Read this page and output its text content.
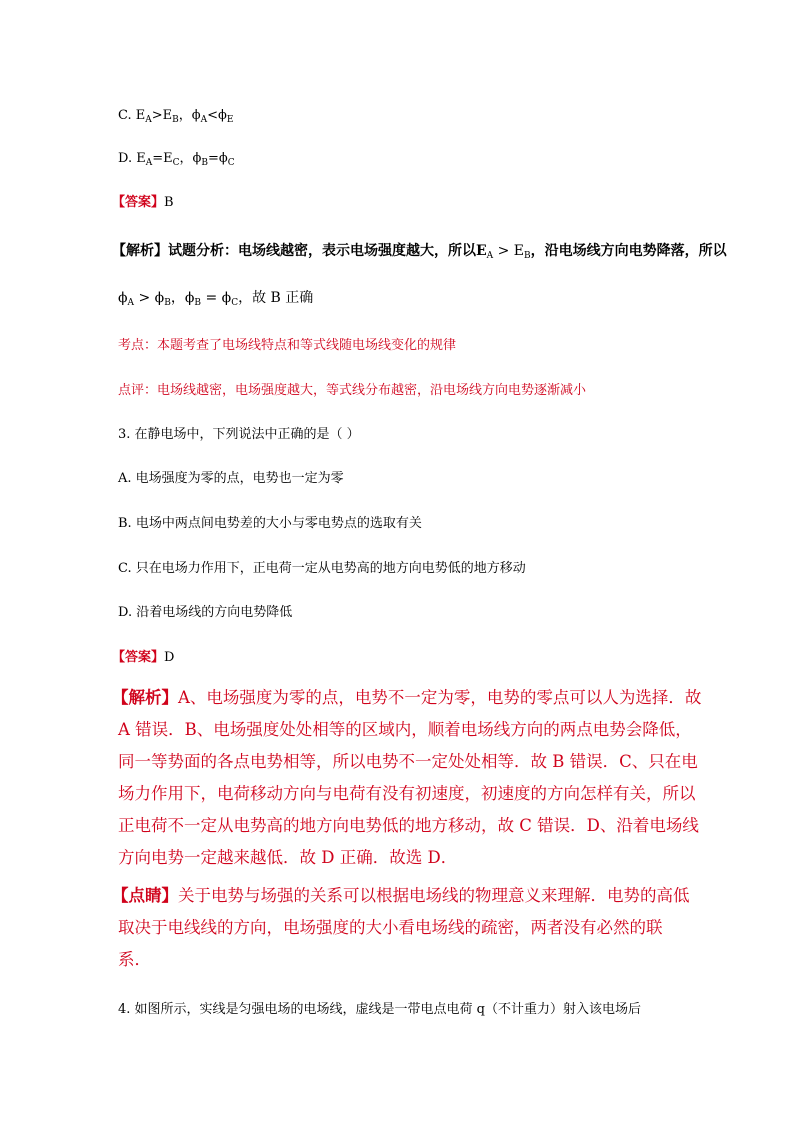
C. $E_A>E_B$，$\phi_A<\phi_E$
D. $E_A=E_C$，$\phi_B=\phi_C$
【答案】B
【解析】试题分析：电场线越密，表示电场强度越大，所以$E_A > E_B$，沿电场线方向电势降落，所以
$\phi_A > \phi_B$，$\phi_B = \phi_C$，故 B 正确
考点：本题考查了电场线特点和等式线随电场线变化的规律
点评：电场线越密，电场强度越大，等式线分布越密，沿电场线方向电势逐渐减小
3. 在静电场中，下列说法中正确的是（ ）
A. 电场强度为零的点，电势也一定为零
B. 电场中两点间电势差的大小与零电势点的选取有关
C. 只在电场力作用下，正电荷一定从电势高的地方向电势低的地方移动
D. 沿着电场线的方向电势降低
【答案】D
【解析】A、电场强度为零的点，电势不一定为零，电势的零点可以人为选择．故
A 错误．B、电场强度处处相等的区域内，顺着电场线方向的两点电势会降低，
同一等势面的各点电势相等，所以电势不一定处处相等．故 B 错误．C、只在电
场力作用下，电荷移动方向与电荷有没有初速度，初速度的方向怎样有关，所以
正电荷不一定从电势高的地方向电势低的地方移动，故 C 错误．D、沿着电场线
方向电势一定越来越低．故 D 正确．故选 D．
【点睛】关于电势与场强的关系可以根据电场线的物理意义来理解．电势的高低
取决于电线线的方向，电场强度的大小看电场线的疏密，两者没有必然的联
系．
4. 如图所示，实线是匀强电场的电场线，虚线是一带电点电荷 q（不计重力）射入该电场后
